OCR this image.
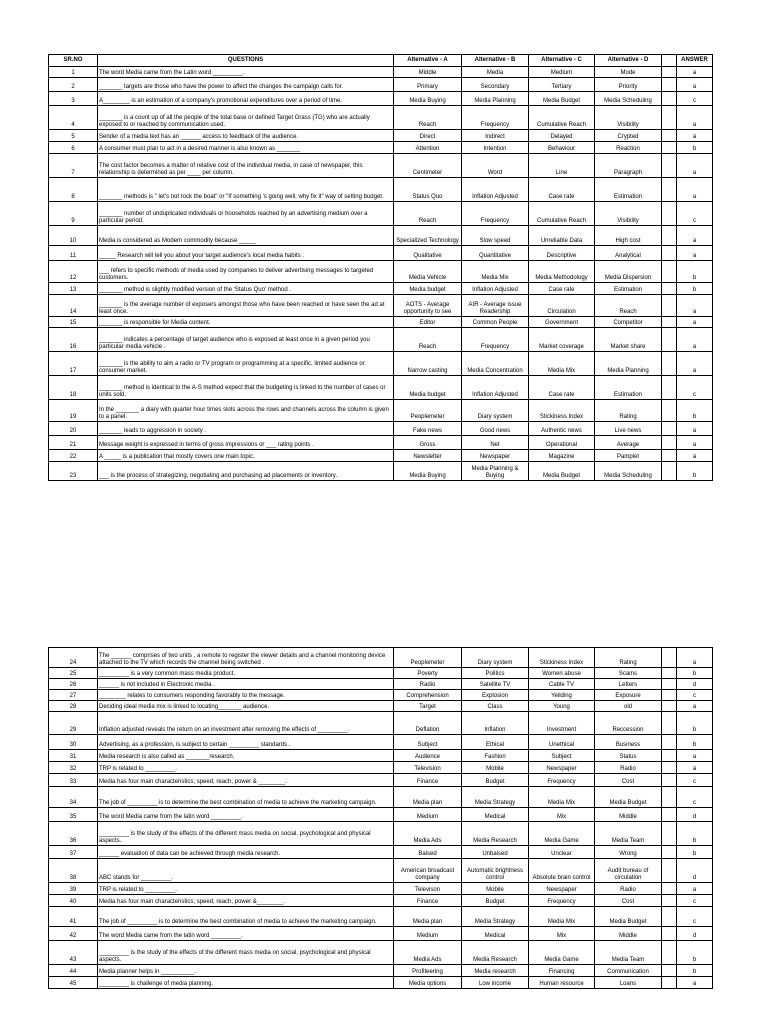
SR.NO	QUESTIONS	Alternative - A	Alternative - B	Alternative - C	Alternative - D		ANSWER
1	The word Media came from the Latin word _________.	Middle	Media	Medium	Mode		a
2	_______ targets are those who have the power to affect the changes the campaign calls for.	Primary	Secondary	Tertiary	Priority		a
3	A________ is an estimation of a company's promotional expenditures over a period of time.	Media Buying	Media Planning	Media Budget	Media Scheduling		c
4	_______ is a count up of all the people of the total base or defined Target Grass (TG) who are actually exposed to or reached by communication used.	Reach	Frequency	Cumulative Reach	Visibility		a
5	Sender of a media text has an ______ access to feedback of the audience.	Direct	Indirect	Delayed	Crypted		a
6	A consumer must plan to act in a desired manner is also known as _______	Attention	Intention	Behaviour	Reaction		b
7	The cost factor becomes a matter of relative cost of the individual media, in case of newspaper, this relationship is determined as per ____ per column.	Centimeter	Word	Line	Paragraph		a
8	_______ methods is " let's not rock the boat" or "If something 's going well, why fix it" way of setting budget.	Status Quo	Inflation Adjusted	Case rate	Estimation		a
9	_______ number of unduplicated individuals or households reached by an advertising medium over a particular period.	Reach	Frequency	Cumulative Reach	Visibility		c
10	Media is considered as Modern commodity because _____	Specialized Technology	Slow speed	Unreliable Data	High cost		a
11	_____ Research will tell you about your target audience's local media habits .	Qualitative	Quantitative	Descriptive	Analytical		a
12	___ refers to specific methods of media used by companies to deliver advertising messages to targeted customers.	Media Vehicle	Media Mix	Media Methodology	Media Dispersion		b
13	_______ method is slightly modified version of the 'Status Quo' method .	Media budget	Inflation Adjusted	Case rate	Estimation		b
14	_______ is the average number of exposers amongst those who have been reached or have seen the ad at least once.	AOTS - Average opportunity to see	AIR - Average issue Readership	Circulation	Reach		a
15	_______ is responsible for Media content.	Editor	Common People	Government	Competitor		a
16	_______ indicates a percentage of target audience who is exposed at least once in a given period you particular media vehicle .	Reach	Frequency	Market coverage	Market share		a
17	_______ is the ability to aim a radio or TV program or programming at a specific, limited audience or consumer market.	Narrow casting	Media Concentration	Media Mix	Media Planning		a
18	_______ method is identical to the A-S method expect that the budgeting is linked to the number of cases or units sold.	Media budget	Inflation Adjusted	Case rate	Estimation		c
19	In the _______ a diary with quarter hour times slots across the rows and channels across the column is given to a panel.	Peoplemeter	Diary system	Stickiness Index	Rating		b
20	_______ leads to aggression in society .	Fake news	Good news	Authentic news	Live news		a
21	Message weight is expressed in terms of gross impressions or ___ rating points .	Gross	Net	Operational	Average		a
22	A _____ is a publication that mostly covers one main topic.	Newsletter	Newspaper	Magazine	Pamplet		a
23	___ is the process of strategizing, negotiating and purchasing ad placements or inventory.	Media Buying	Media Planning & Buying	Media Budget	Media Scheduling		b
24	The ______ comprises of two units , a remote to register the viewer details and a channel monitoring device attached to the TV which records the channel being switched .	Peoplemeter	Diary system	Stickiness Index	Rating		a
25	_________ is a very common mass media product.	Poverty	Politics	Women abuse	Scams		b
26	______ is not included in Electronic media .	Radio	Satellite TV	Cable TV	Letters		d
27	________ relates to consumers responding favorably to the message.	Comprehension	Explosion	Yeilding	Exposure		c
28	Deciding ideal media mix is linked to locating_______ audience.	Target	Class	Young	old		a
29	Inflation adjusted reveals the return on an investment after removing the effects of _________.	Deflation	Inflation	Investment	Reccession		b
30	Advertising, as a profession, is subject to certain _________ standards .	Subject	Ethical	Unethical	Business		b
31	Media research is also called as _______research.	Audience	Fashion	Subject	Status		a
32	TRP is related to _________.	Television	Mobile	Newspaper	Radio		a
33	Media has four main characteristics; speed, reach, power & ________.	Finance	Budget	Frequency	Cost		c
34	The job of _________ is to determine the best combination of media to achieve the marketing campaign.	Media plan	Media Strategy	Media Mix	Media Budget		c
35	The word Media came from the latin word _________.	Medium	Medical	Mix	Middle		d
36	_________ is the study of the effects of the different mass media on social, psychological and physical aspects.	Media Ads	Media Research	Media Game	Media Team		b
37	______ evaluation of data can be achieved through media research.	Baised	Unbaised	Unclear	Wrong		b
38	ABC stands for _________.	American broadcast company	Automatic brightness control	Absolute brain control	Audit bureau of circulation		d
39	TRP is related to _________.	Televison	Mobile	Newspaper	Radio		a
40	Media has four main characteristics; speed, reach, power &________.	Finance	Budget	Frequency	Cost		c
41	The job of _________ is to determine the best combination of media to achieve the marketing campaign.	Media plan	Media Strategy	Media Mix	Media Budget		c
42	The word Media came from the latin word _________.	Medium	Medical	Mix	Middle		d
43	_________ is the study of the effects of the different mass media on social, psychological and physical aspects.	Media Ads	Media Research	Media Game	Media Team		b
44	Media planner helps in __________.	Profiteering	Media research	Financing	Communication		b
45	_________ is challenge of media planning.	Media options	Low income	Human resource	Loans		a
